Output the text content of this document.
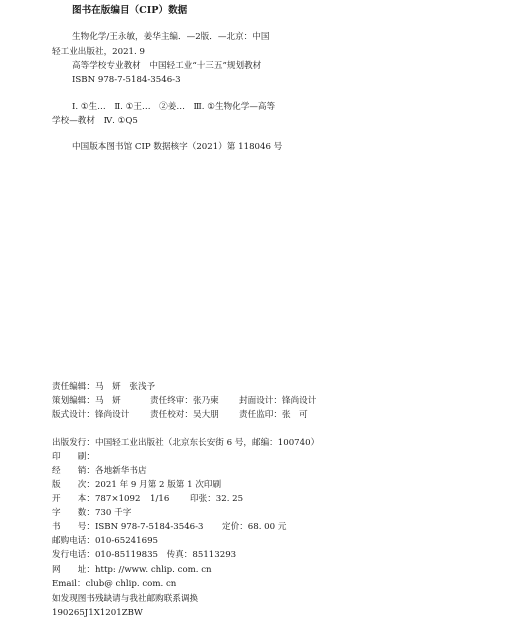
图书在版编目（CIP）数据
生物化学/王永敏，姜华主编．—2版．—北京：中国
轻工业出版社，2021. 9
高等学校专业教材　中国轻工业“十三五”规划教材
ISBN 978-7-5184-3546-3
Ⅰ. ①生…　Ⅱ. ①王…　②姜…　Ⅲ. ①生物化学—高等
学校—教材　Ⅳ. ①Q5
中国版本图书馆 CIP 数据核字（2021）第 118046 号
责任编辑：马　妍　张浅予
策划编辑：马　妍	责任终审：张乃柬 封面设计：锋尚设计
版式设计：锋尚设计 责任校对：吴大朋 责任监印：张　可
出版发行：中国轻工业出版社（北京东长安街 6 号，邮编：100740）
印　　刷：
经　　销：各地新华书店
版　　次：2021 年 9 月第 2 版第 1 次印刷
开　　本：787×1092 1/16 印张：32. 25
字　　数：730 千字
书　　号：ISBN 978-7-5184-3546-3 定价：68. 00 元
邮购电话：010-65241695
发行电话：010-85119835　传真：85113293
网　　址：http: //www. chlip. com. cn
Email：club@ chlip. com. cn
如发现图书残缺请与我社邮购联系调换
190265J1X1201ZBW
